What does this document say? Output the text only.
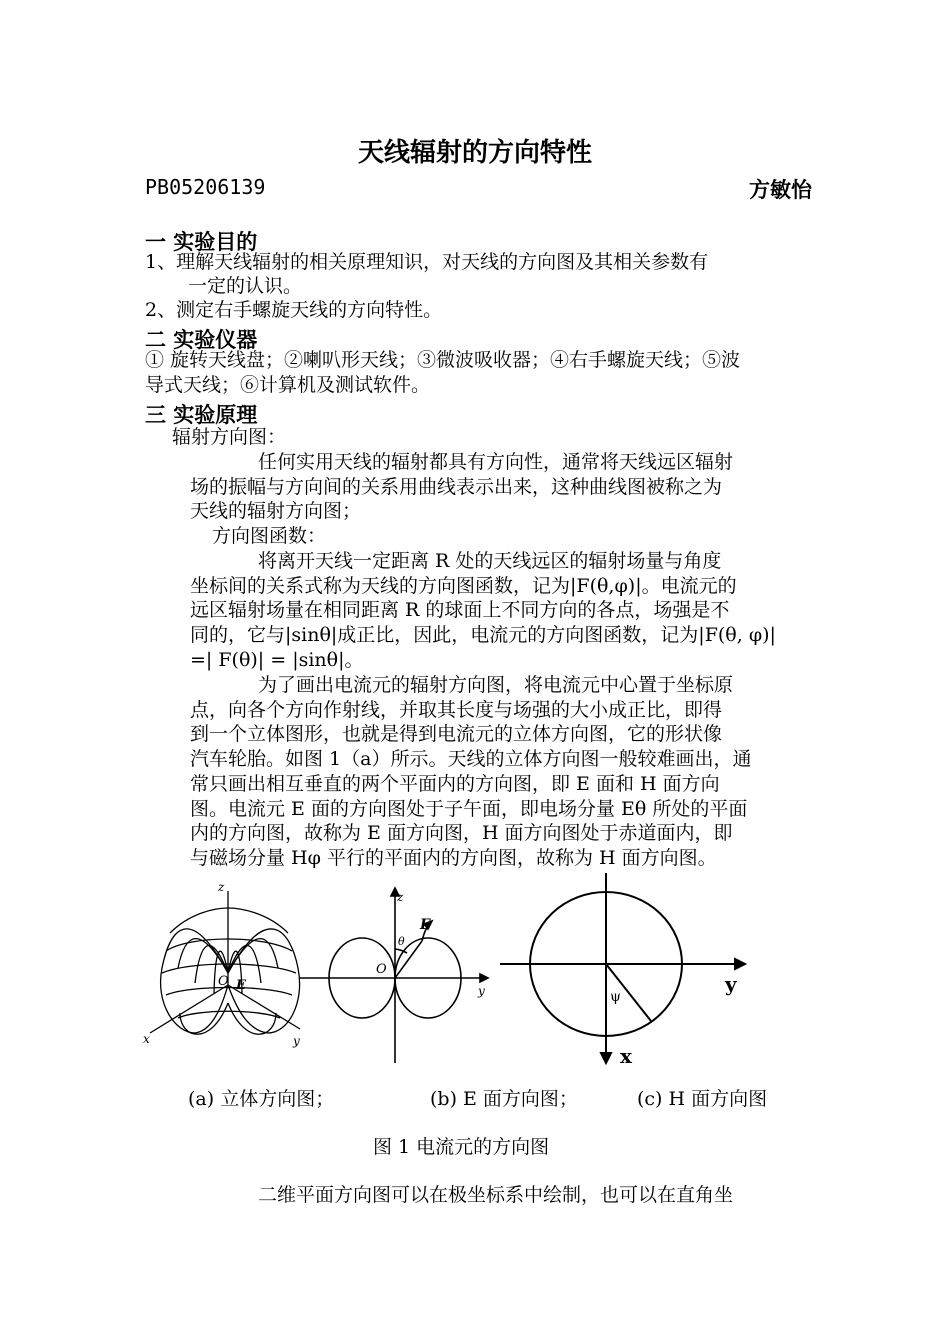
天线辐射的方向特性
PB05206139	方敏怡
一 实验目的
1、理解天线辐射的相关原理知识，对天线的方向图及其相关参数有
一定的认识。
2、测定右手螺旋天线的方向特性。
二 实验仪器
① 旋转天线盘；②喇叭形天线；③微波吸收器；④右手螺旋天线；⑤波
导式天线；⑥计算机及测试软件。
三 实验原理
辐射方向图：
任何实用天线的辐射都具有方向性，通常将天线远区辐射
场的振幅与方向间的关系用曲线表示出来，这种曲线图被称之为
天线的辐射方向图；
方向图函数：
将离开天线一定距离 R 处的天线远区的辐射场量与角度
坐标间的关系式称为天线的方向图函数，记为|F(θ,φ)|。电流元的
远区辐射场量在相同距离 R 的球面上不同方向的各点，场强是不
同的，它与|sinθ|成正比，因此，电流元的方向图函数，记为|F(θ, φ)|
=| F(θ)| = |sinθ|。
为了画出电流元的辐射方向图，将电流元中心置于坐标原
点，向各个方向作射线，并取其长度与场强的大小成正比，即得
到一个立体图形，也就是得到电流元的立体方向图，它的形状像
汽车轮胎。如图 1（a）所示。天线的立体方向图一般较难画出，通
常只画出相互垂直的两个平面内的方向图，即 E 面和 H 面方向
图。电流元 E 面的方向图处于子午面，即电场分量 Eθ 所处的平面
内的方向图，故称为 E 面方向图，H 面方向图处于赤道面内，即
与磁场分量 Hφ 平行的平面内的方向图，故称为 H 面方向图。
z
x	y
O E
z
y
O
θ
E
y
x
ψ
(a) 立体方向图；	(b) E 面方向图；	(c) H 面方向图
图 1 电流元的方向图
二维平面方向图可以在极坐标系中绘制，也可以在直角坐
